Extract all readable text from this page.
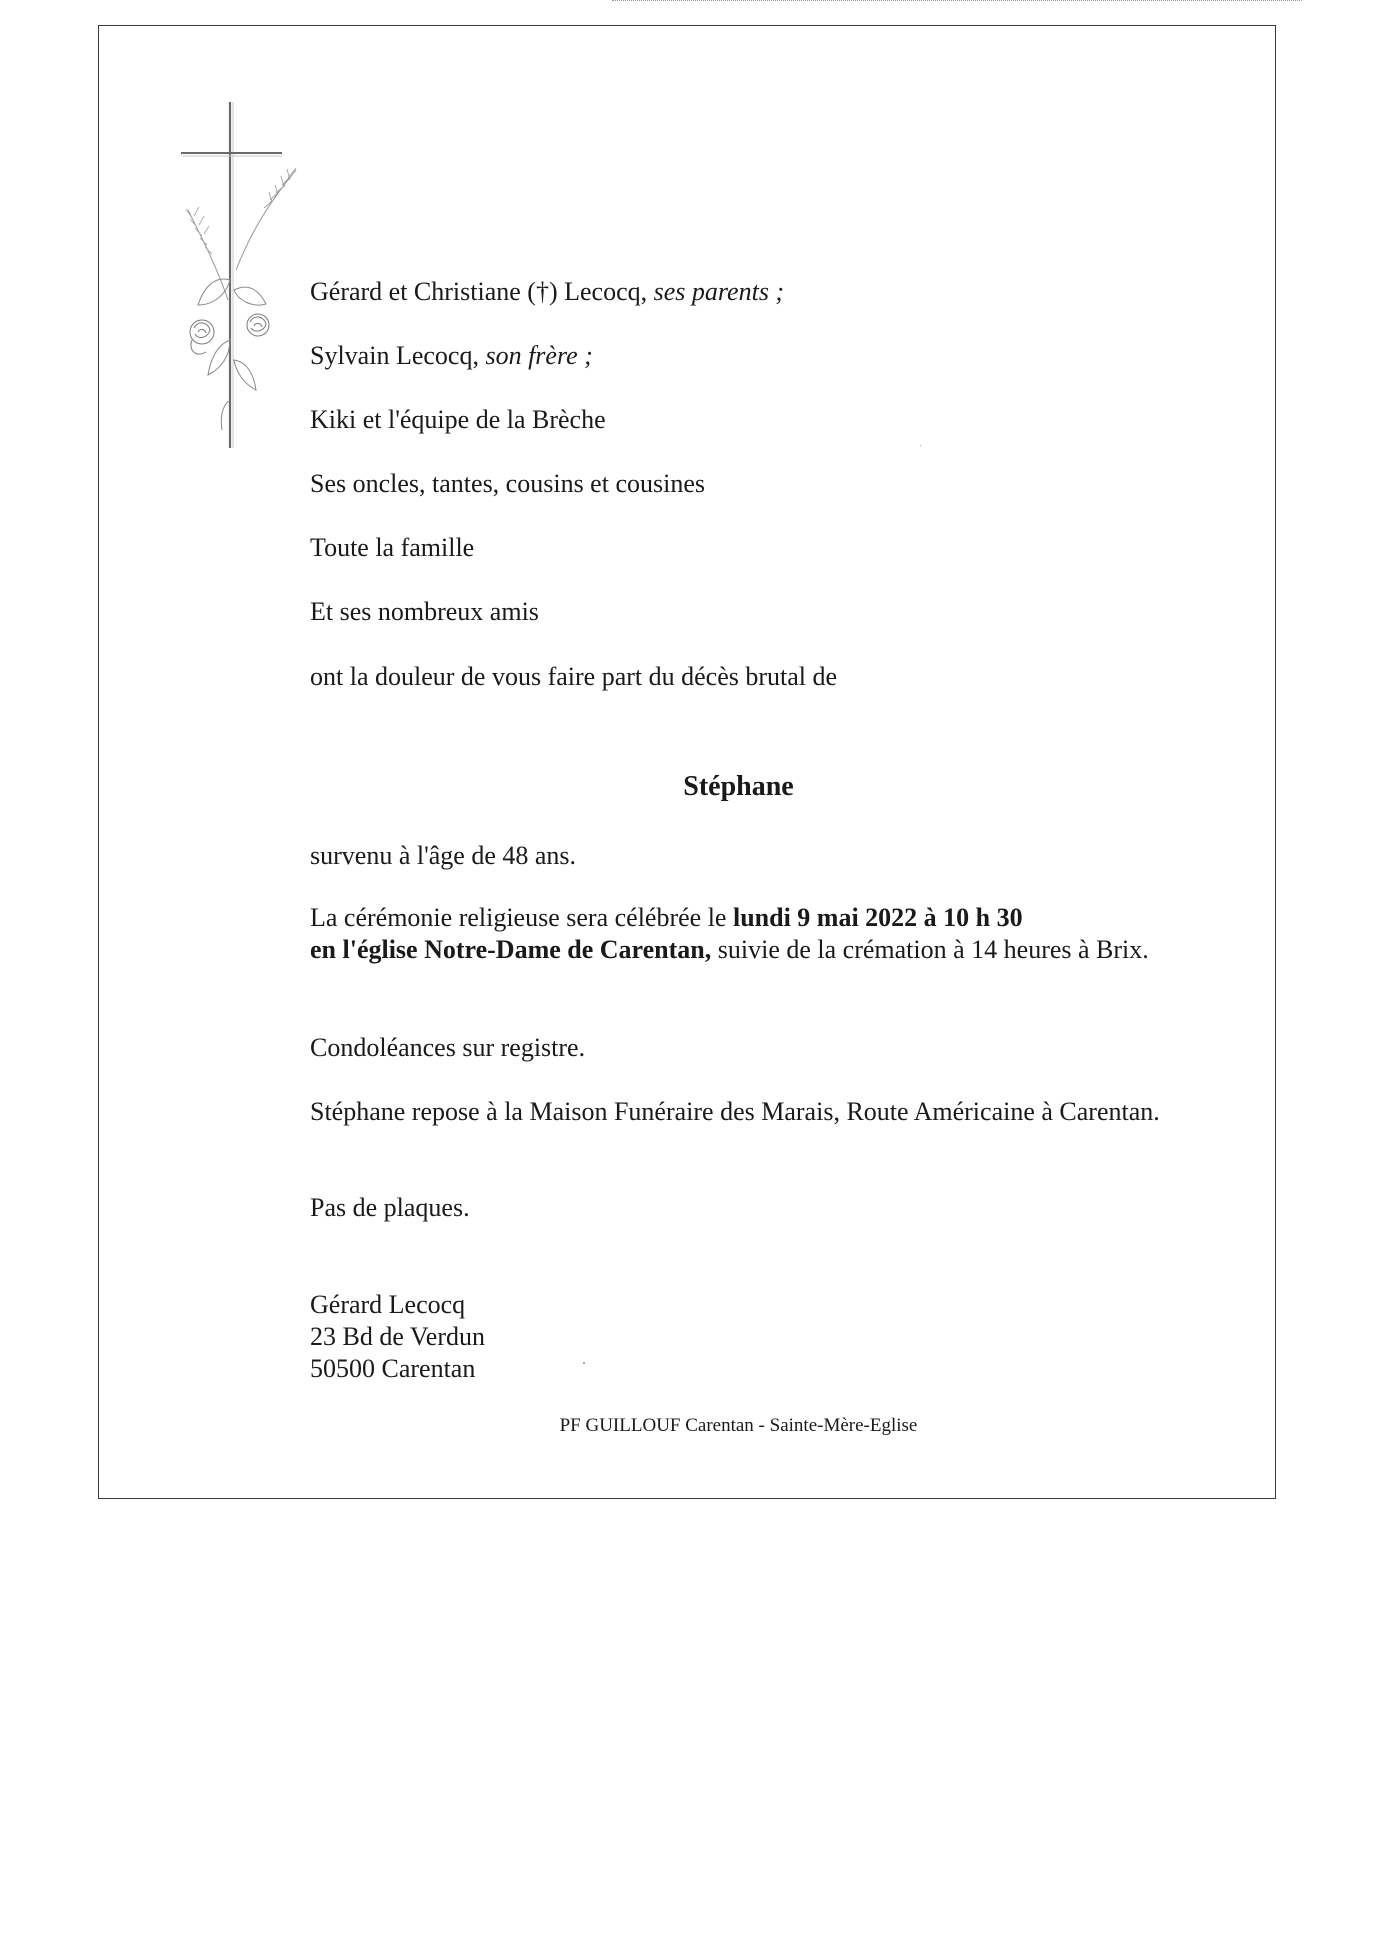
Gérard et Christiane (†) Lecocq, ses parents ;

Sylvain Lecocq, son frère ;

Kiki et l'équipe de la Brèche

Ses oncles, tantes, cousins et cousines

Toute la famille

Et ses nombreux amis

ont la douleur de vous faire part du décès brutal de

Stéphane

survenu à l'âge de 48 ans.

La cérémonie religieuse sera célébrée le lundi 9 mai 2022 à 10 h 30
en l'église Notre-Dame de Carentan, suivie de la crémation à 14 heures à Brix.

Condoléances sur registre.

Stéphane repose à la Maison Funéraire des Marais, Route Américaine à Carentan.

Pas de plaques.

Gérard Lecocq

23 Bd de Verdun

50500 Carentan

PF GUILLOUF Carentan - Sainte-Mère-Eglise
